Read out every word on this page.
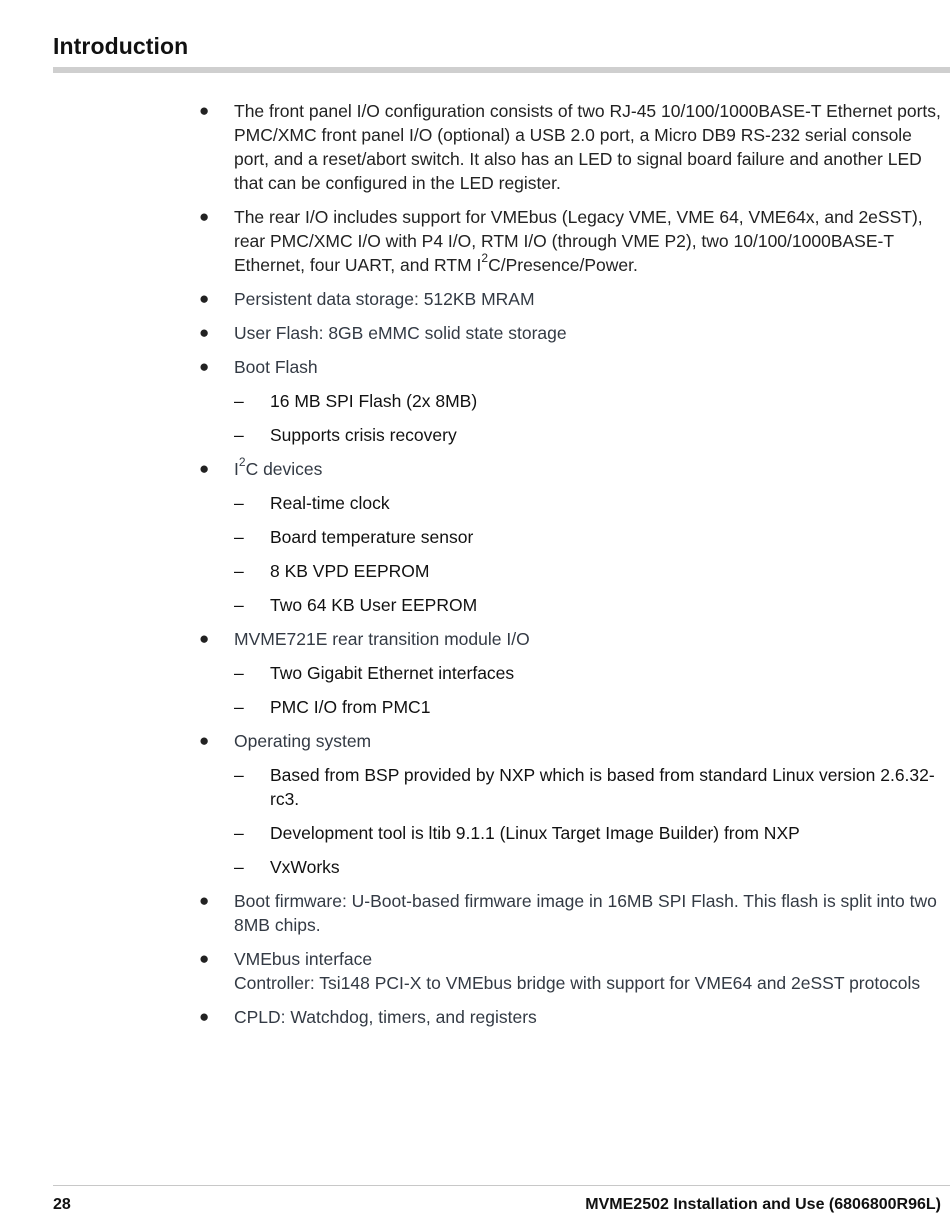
Introduction
● The front panel I/O configuration consists of two RJ-45 10/100/1000BASE-T Ethernet ports, PMC/XMC front panel I/O (optional) a USB 2.0 port, a Micro DB9 RS-232 serial console port, and a reset/abort switch. It also has an LED to signal board failure and another LED that can be configured in the LED register.
● The rear I/O includes support for VMEbus (Legacy VME, VME 64, VME64x, and 2eSST), rear PMC/XMC I/O with P4 I/O, RTM I/O (through VME P2), two 10/100/1000BASE-T Ethernet, four UART, and RTM $I^2C/Presence$/Power.
● Persistent data storage: 512KB MRAM
● User Flash: 8GB eMMC solid state storage
● Boot Flash
– 16 MB SPI Flash (2x 8MB)
– Supports crisis recovery
● $I^2C$ devices
– Real-time clock
– Board temperature sensor
– 8 KB VPD EEPROM
– Two 64 KB User EEPROM
● MVME721E rear transition module I/O
– Two Gigabit Ethernet interfaces
– PMC I/O from PMC1
● Operating system
– Based from BSP provided by NXP which is based from standard Linux version 2.6.32-rc3.
– Development tool is ltib 9.1.1 (Linux Target Image Builder) from NXP
– VxWorks
● Boot firmware: U-Boot-based firmware image in 16MB SPI Flash. This flash is split into two 8MB chips.
● VMEbus interface
Controller: Tsi148 PCI-X to VMEbus bridge with support for VME64 and 2eSST protocols
● CPLD: Watchdog, timers, and registers
28	MVME2502 Installation and Use (6806800R96L)
